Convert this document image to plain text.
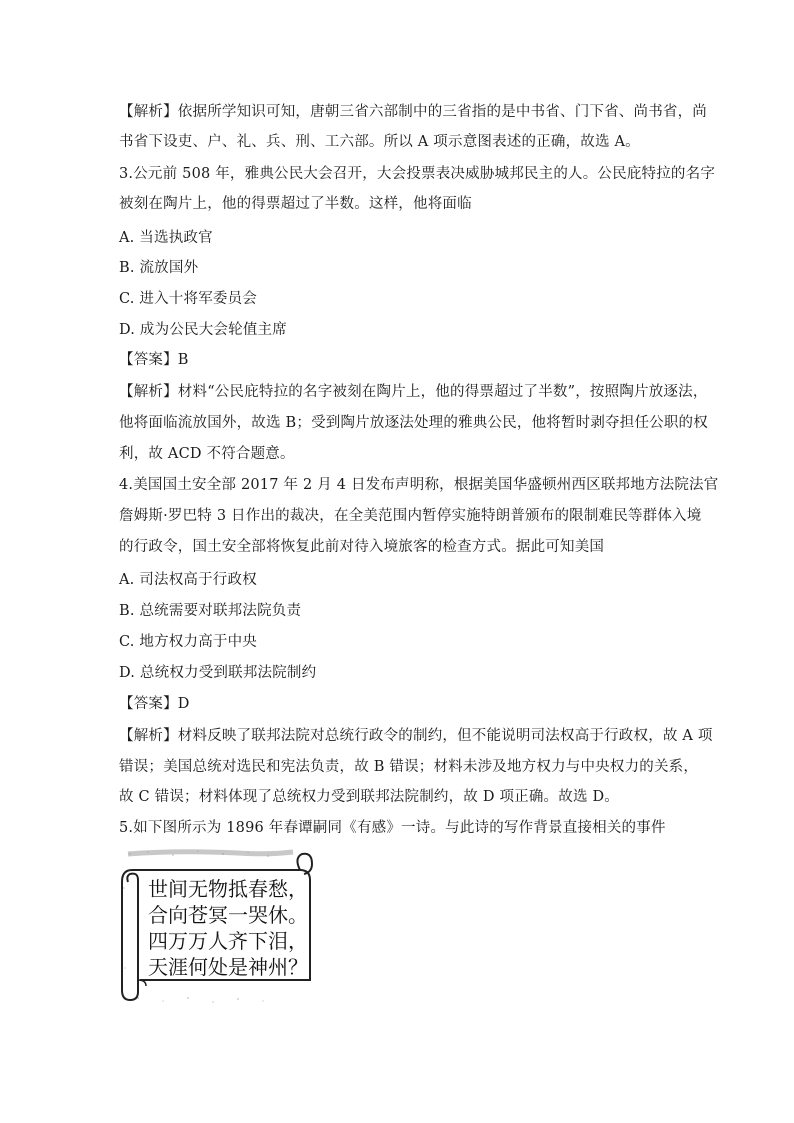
【解析】依据所学知识可知，唐朝三省六部制中的三省指的是中书省、门下省、尚书省，尚
书省下设吏、户、礼、兵、刑、工六部。所以 A 项示意图表述的正确，故选 A。
3.公元前 508 年，雅典公民大会召开，大会投票表决威胁城邦民主的人。公民庇特拉的名字
被刻在陶片上，他的得票超过了半数。这样，他将面临
A. 当选执政官
B. 流放国外
C. 进入十将军委员会
D. 成为公民大会轮值主席
【答案】B
【解析】材料“公民庇特拉的名字被刻在陶片上，他的得票超过了半数”，按照陶片放逐法，
他将面临流放国外，故选 B；受到陶片放逐法处理的雅典公民，他将暂时剥夺担任公职的权
利，故 ACD 不符合题意。
4.美国国土安全部 2017 年 2 月 4 日发布声明称，根据美国华盛顿州西区联邦地方法院法官
詹姆斯·罗巴特 3 日作出的裁决，在全美范围内暂停实施特朗普颁布的限制难民等群体入境
的行政令，国土安全部将恢复此前对待入境旅客的检查方式。据此可知美国
A. 司法权高于行政权
B. 总统需要对联邦法院负责
C. 地方权力高于中央
D. 总统权力受到联邦法院制约
【答案】D
【解析】材料反映了联邦法院对总统行政令的制约，但不能说明司法权高于行政权，故 A 项
错误；美国总统对选民和宪法负责，故 B 错误；材料未涉及地方权力与中央权力的关系，
故 C 错误；材料体现了总统权力受到联邦法院制约，故 D 项正确。故选 D。
5.如下图所示为 1896 年春谭嗣同《有感》一诗。与此诗的写作背景直接相关的事件
世间无物抵春愁，
合向苍冥一哭休。
四万万人齐下泪，
天涯何处是神州？
